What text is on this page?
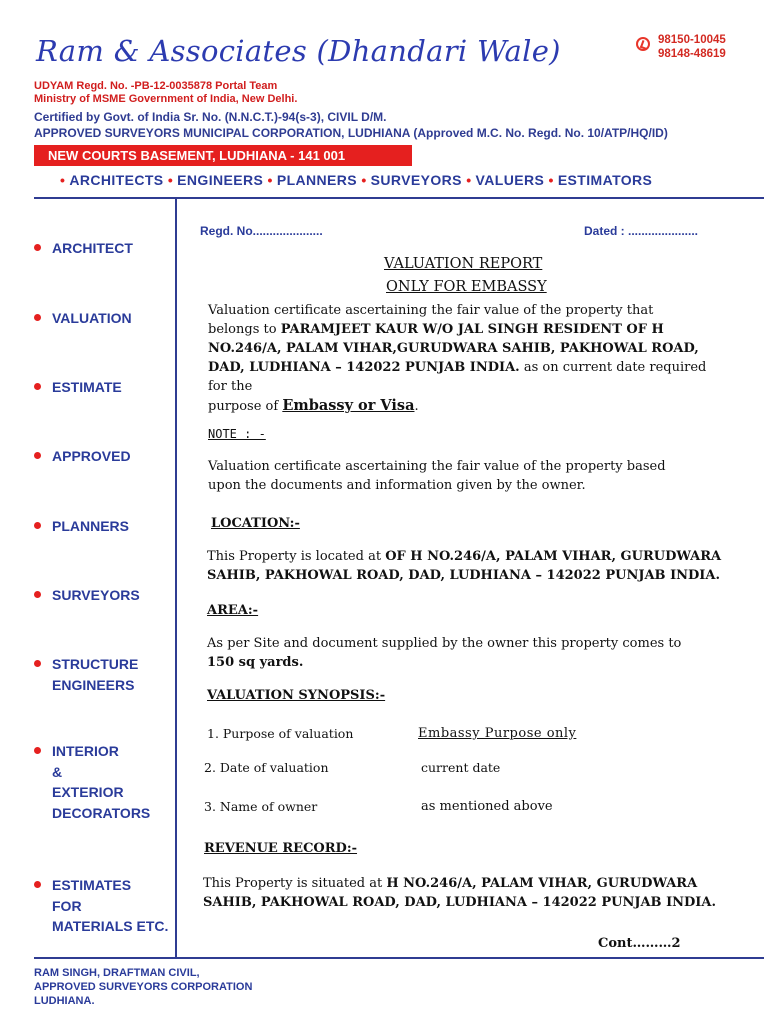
Ram & Associates (Dhandari Wale)	98150-10045
98148-48619
UDYAM Regd. No. -PB-12-0035878 Portal Team
Ministry of MSME Government of India, New Delhi.
Certified by Govt. of India Sr. No. (N.N.C.T.)-94(s-3), CIVIL D/M.
APPROVED SURVEYORS MUNICIPAL CORPORATION, LUDHIANA (Approved M.C. No. Regd. No. 10/ATP/HQ/ID)
NEW COURTS BASEMENT, LUDHIANA - 141 001
• ARCHITECTS • ENGINEERS • PLANNERS • SURVEYORS • VALUERS • ESTIMATORS
ARCHITECT
VALUATION
ESTIMATE
APPROVED
PLANNERS
SURVEYORS
STRUCTURE
ENGINEERS
INTERIOR
&
EXTERIOR
DECORATORS
ESTIMATES
FOR
MATERIALS ETC.
Regd. No.....................	Dated : .....................
VALUATION REPORT
ONLY FOR EMBASSY
Valuation certificate ascertaining the fair value of the property that
belongs to PARAMJEET KAUR W/O JAL SINGH RESIDENT OF H
NO.246/A, PALAM VIHAR,GURUDWARA SAHIB, PAKHOWAL ROAD,
DAD, LUDHIANA – 142022 PUNJAB INDIA. as on current date required
for the
purpose of Embassy or Visa.
NOTE : -
Valuation certificate ascertaining the fair value of the property based
upon the documents and information given by the owner.
LOCATION:-
This Property is located at OF H NO.246/A, PALAM VIHAR, GURUDWARA
SAHIB, PAKHOWAL ROAD, DAD, LUDHIANA – 142022 PUNJAB INDIA.
AREA:-
As per Site and document supplied by the owner this property comes to
150 sq yards.
VALUATION SYNOPSIS:-
1. Purpose of valuation	Embassy Purpose only
2. Date of valuation	current date
3. Name of owner	as mentioned above
REVENUE RECORD:-
This Property is situated at H NO.246/A, PALAM VIHAR, GURUDWARA
SAHIB, PAKHOWAL ROAD, DAD, LUDHIANA – 142022 PUNJAB INDIA.
Cont………2
RAM SINGH, DRAFTMAN CIVIL,
APPROVED SURVEYORS CORPORATION
LUDHIANA.
